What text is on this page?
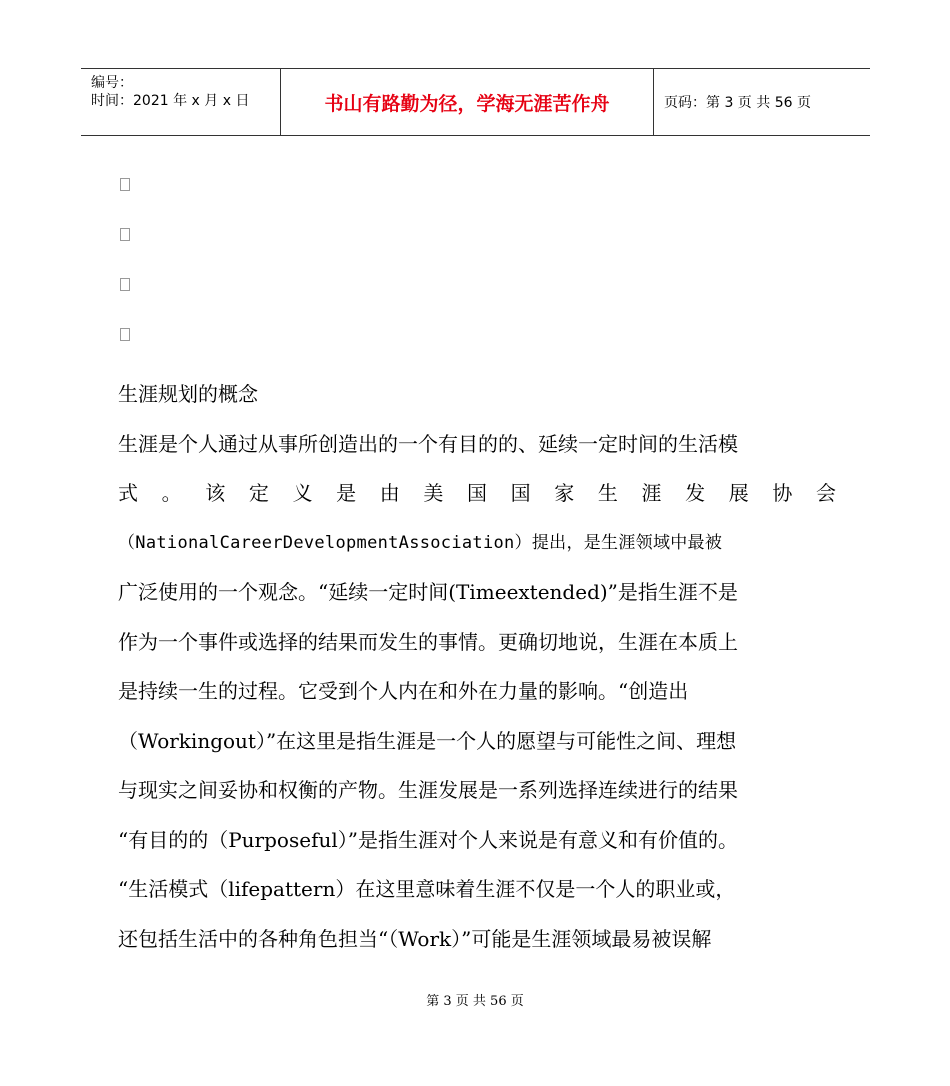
编号：
时间：2021 年 x 月 x 日	书山有路勤为径，学海无涯苦作舟	页码：第 3 页 共 56 页

生涯规划的概念

生涯是个人通过从事所创造出的一个有目的的、延续一定时间的生活模

式 。 该 定 义 是 由 美 国 国 家 生 涯 发 展 协 会

（NationalCareerDevelopmentAssociation）提出，是生涯领域中最被

广泛使用的一个观念。“延续一定时间(Timeextended)”是指生涯不是

作为一个事件或选择的结果而发生的事情。更确切地说，生涯在本质上

是持续一生的过程。它受到个人内在和外在力量的影响。“创造出

（Workingout）”在这里是指生涯是一个人的愿望与可能性之间、理想

与现实之间妥协和权衡的产物。生涯发展是一系列选择连续进行的结果

“有目的的（Purposeful）”是指生涯对个人来说是有意义和有价值的。

“生活模式（lifepattern）在这里意味着生涯不仅是一个人的职业或，

还包括生活中的各种角色担当“（Work）”可能是生涯领域最易被误解

第 3 页 共 56 页
